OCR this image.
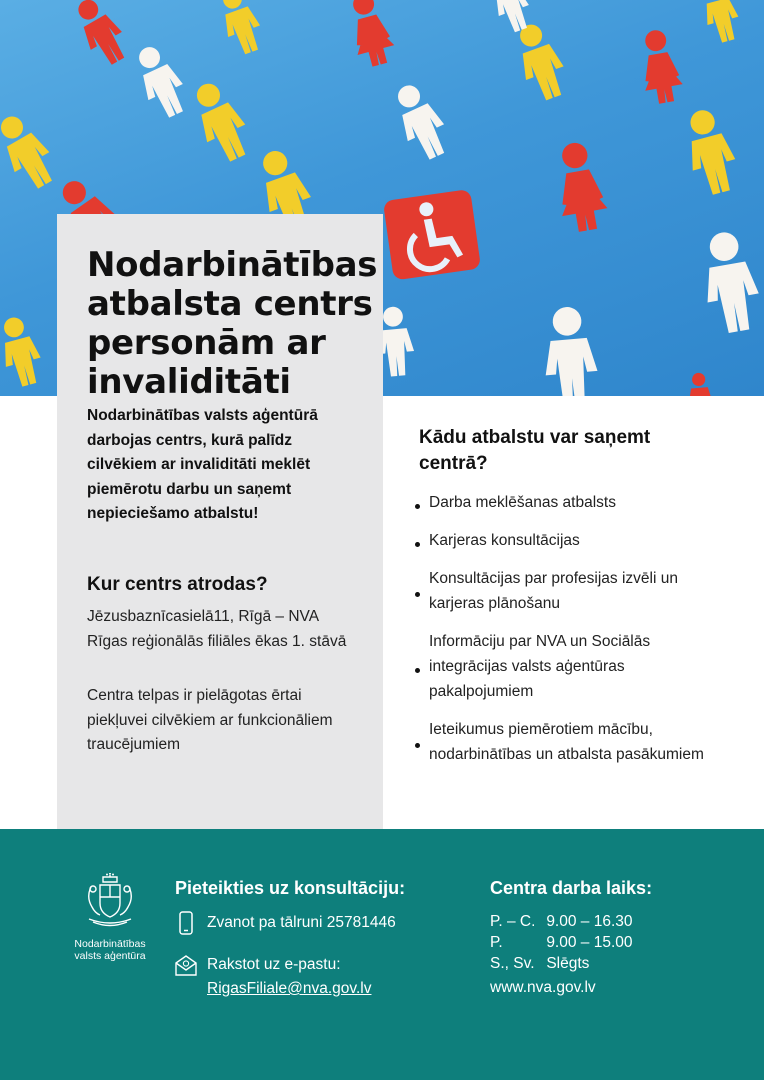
Nodarbinātības atbalsta centrs personām ar invaliditāti

Nodarbinātības valsts aģentūrā darbojas centrs, kurā palīdz cilvēkiem ar invaliditāti meklēt piemērotu darbu un saņemt nepieciešamo atbalstu!

Kur centrs atrodas?

Jēzusbaznīcasielā11, Rīgā – NVA Rīgas reģionālās filiāles ēkas 1. stāvā

Centra telpas ir pielāgotas ērtai piekļuvei cilvēkiem ar funkcionāliem traucējumiem

Kādu atbalstu var saņemt centrā?
Darba meklēšanas atbalsts
Karjeras konsultācijas
Konsultācijas par profesijas izvēli un karjeras plānošanu
Informāciju par NVA un Sociālās integrācijas valsts aģentūras pakalpojumiem
Ieteikumus piemērotiem mācību, nodarbinātības un atbalsta pasākumiem
Nodarbinātības valsts aģentūra
Pieteikties uz konsultāciju:
Zvanot pa tālruni 25781446
Rakstot uz e-pastu:
RigasFiliale@nva.gov.lv
Centra darba laiks:
P. – C. 9.00 – 16.30
P.	9.00 – 15.00
S., Sv. Slēgts
www.nva.gov.lv
